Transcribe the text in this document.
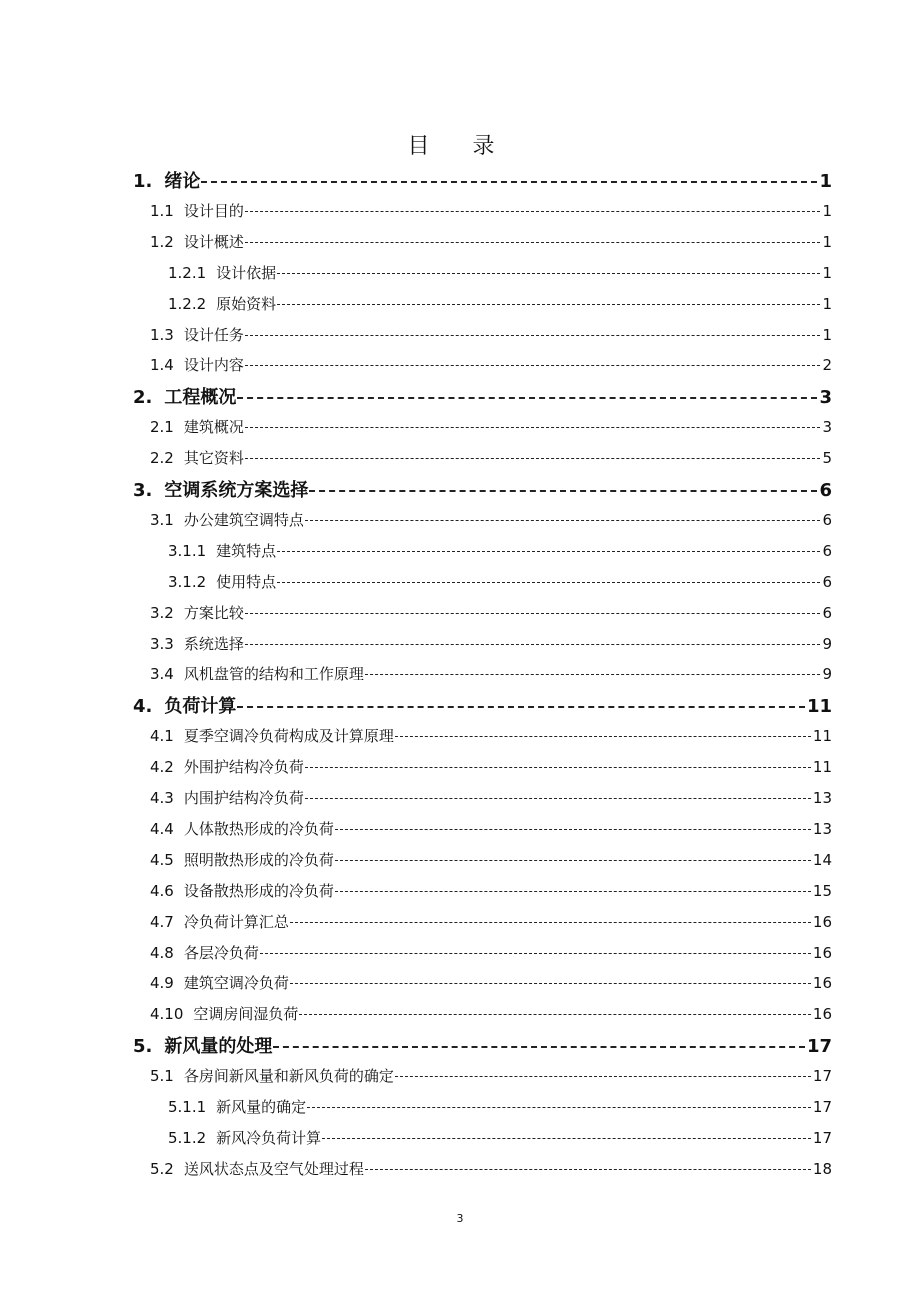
目 录
1. 绪论	1
1.1 设计目的	1
1.2 设计概述	1
1.2.1 设计依据	1
1.2.2 原始资料	1
1.3 设计任务	1
1.4 设计内容	2
2. 工程概况	3
2.1 建筑概况	3
2.2 其它资料	5
3. 空调系统方案选择	6
3.1 办公建筑空调特点	6
3.1.1 建筑特点	6
3.1.2 使用特点	6
3.2 方案比较	6
3.3 系统选择	9
3.4 风机盘管的结构和工作原理	9
4. 负荷计算	11
4.1 夏季空调冷负荷构成及计算原理	11
4.2 外围护结构冷负荷	11
4.3 内围护结构冷负荷	13
4.4 人体散热形成的冷负荷	13
4.5 照明散热形成的冷负荷	14
4.6 设备散热形成的冷负荷	15
4.7 冷负荷计算汇总	16
4.8 各层冷负荷	16
4.9 建筑空调冷负荷	16
4.10 空调房间湿负荷	16
5. 新风量的处理	17
5.1 各房间新风量和新风负荷的确定	17
5.1.1 新风量的确定	17
5.1.2 新风冷负荷计算	17
5.2 送风状态点及空气处理过程	18
3
